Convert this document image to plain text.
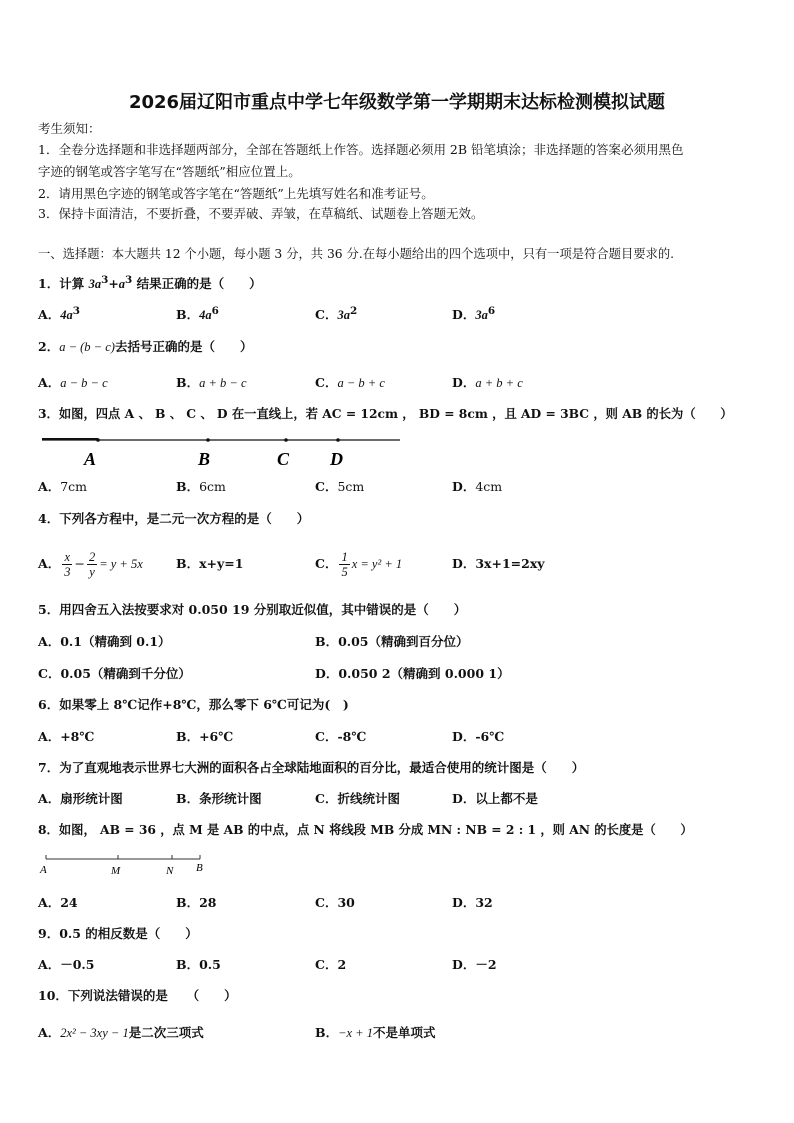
2026届辽阳市重点中学七年级数学第一学期期末达标检测模拟试题
考生须知：
1．全卷分选择题和非选择题两部分，全部在答题纸上作答。选择题必须用 2B 铅笔填涂；非选择题的答案必须用黑色
字迹的钢笔或答字笔写在“答题纸”相应位置上。
2．请用黑色字迹的钢笔或答字笔在“答题纸”上先填写姓名和准考证号。
3．保持卡面清洁，不要折叠，不要弄破、弄皱，在草稿纸、试题卷上答题无效。
一、选择题：本大题共 12 个小题，每小题 3 分，共 36 分.在每小题给出的四个选项中，只有一项是符合题目要求的.
1．计算 $3a^3+a^3$ 结果正确的是（　　）
A．$4a^3$	B．$4a^6$	C．$3a^2$	D．$3a^6$
2．a − (b − c)去括号正确的是（　　）
A．a − b − c	B．a + b − c	C．a − b + c	D．a + b + c
3．如图，四点 A 、 B 、 C 、 D 在一直线上，若 AC = 12cm ， BD = 8cm ，且 AD = 3BC ，则 AB 的长为（　　）
A	B	C D
A．7cm	B．6cm	C．5cm	D．4cm
4．下列各方程中，是二元一次方程的是（　　）
A． $\frac{x}{3} - \frac{2}{y} = y + 5x$	B．x+y=1	C． $\frac{1}{5}$ x = y² + 1	D．3x+1=2xy
5．用四舍五入法按要求对 0.050 19 分别取近似值，其中错误的是（　　）
A．0.1（精确到 0.1）	B．0.05（精确到百分位）
C．0.05（精确到千分位）	D．0.050 2（精确到 0.000 1）
6．如果零上 8℃记作+8℃，那么零下 6℃可记为(　)
A．+8℃	B．+6℃	C．-8℃	D．-6℃
7．为了直观地表示世界七大洲的面积各占全球陆地面积的百分比，最适合使用的统计图是（　　）
A．扇形统计图	B．条形统计图	C．折线统计图	D．以上都不是
8．如图， AB = 36 ，点 M 是 AB 的中点，点 N 将线段 MB 分成 MN : NB = 2 : 1 ，则 AN 的长度是（　　）
A	M	N B
A．24	B．28	C．30	D．32
9．0.5 的相反数是（　　）
A．－0.5	B．0.5	C．2	D．－2
10．下列说法错误的是　　（　　）
A．2x² − 3xy − 1是二次三项式	B．−x + 1不是单项式
